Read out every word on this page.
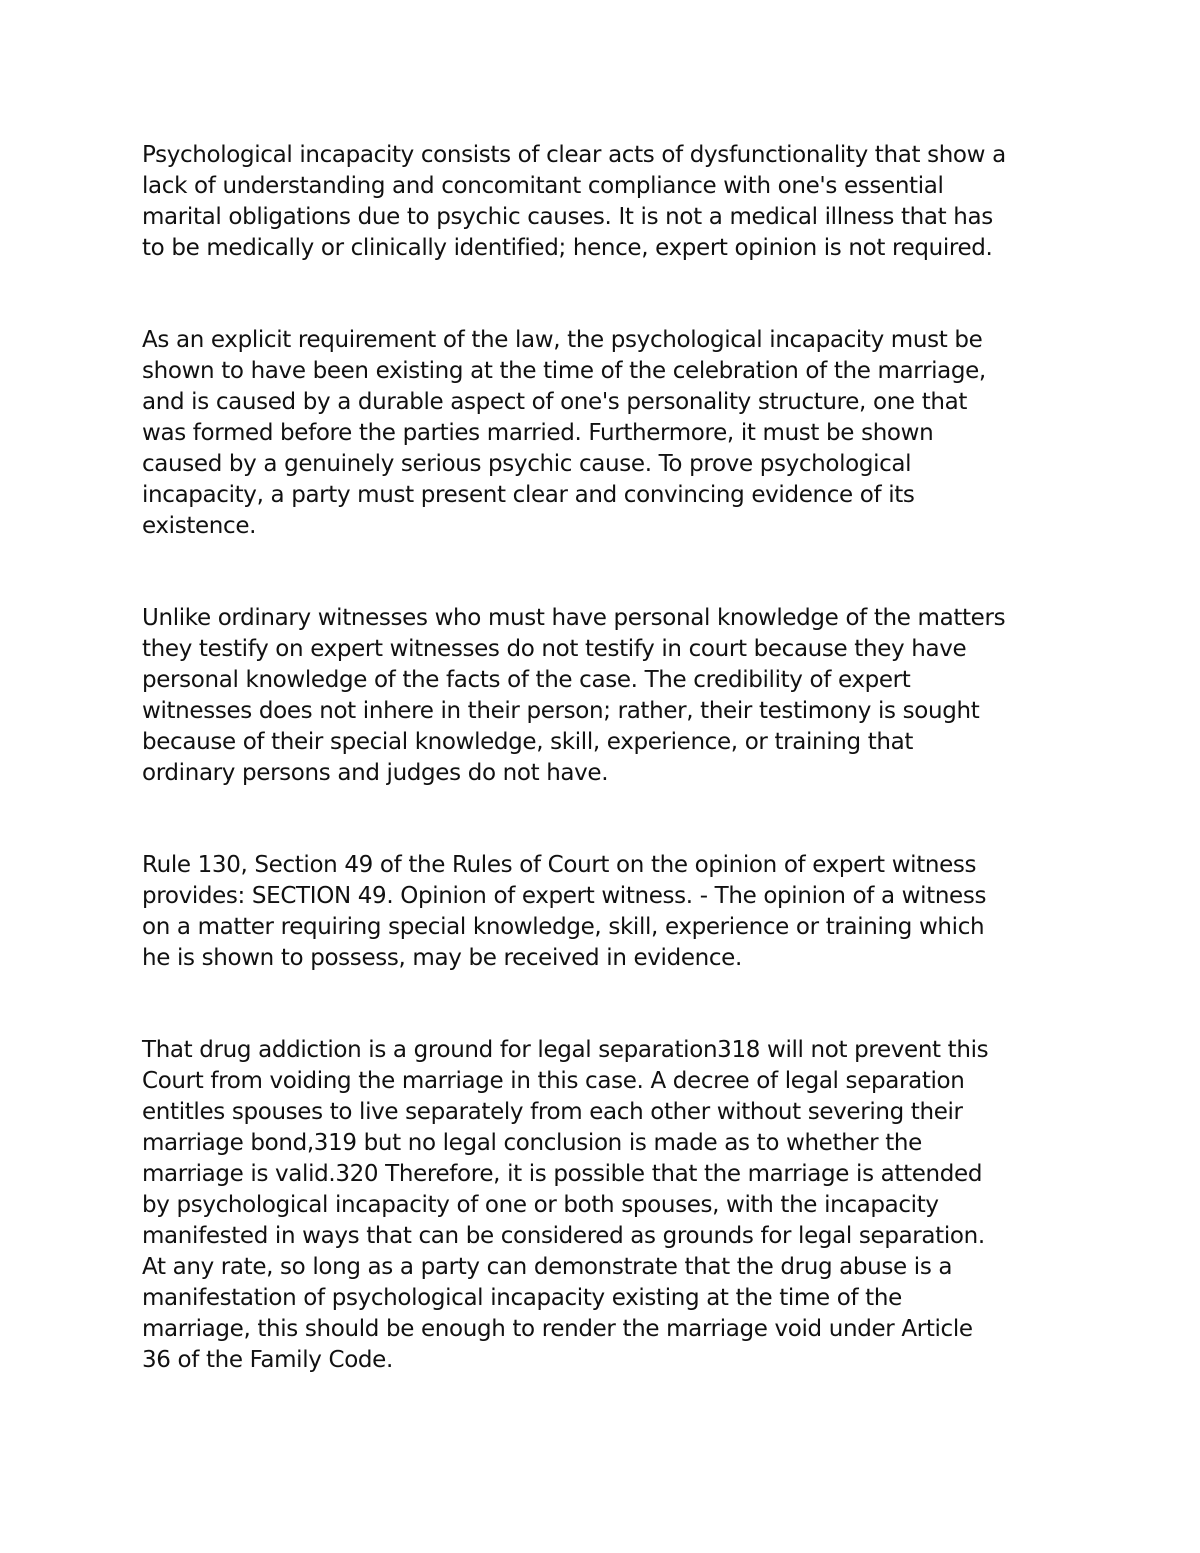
Psychological incapacity consists of clear acts of dysfunctionality that show a
lack of understanding and concomitant compliance with one's essential
marital obligations due to psychic causes. It is not a medical illness that has
to be medically or clinically identified; hence, expert opinion is not required.

As an explicit requirement of the law, the psychological incapacity must be
shown to have been existing at the time of the celebration of the marriage,
and is caused by a durable aspect of one's personality structure, one that
was formed before the parties married. Furthermore, it must be shown
caused by a genuinely serious psychic cause. To prove psychological
incapacity, a party must present clear and convincing evidence of its
existence.

Unlike ordinary witnesses who must have personal knowledge of the matters
they testify on expert witnesses do not testify in court because they have
personal knowledge of the facts of the case. The credibility of expert
witnesses does not inhere in their person; rather, their testimony is sought
because of their special knowledge, skill, experience, or training that
ordinary persons and judges do not have.

Rule 130, Section 49 of the Rules of Court on the opinion of expert witness
provides: SECTION 49. Opinion of expert witness. - The opinion of a witness
on a matter requiring special knowledge, skill, experience or training which
he is shown to possess, may be received in evidence.

That drug addiction is a ground for legal separation318 will not prevent this
Court from voiding the marriage in this case. A decree of legal separation
entitles spouses to live separately from each other without severing their
marriage bond,319 but no legal conclusion is made as to whether the
marriage is valid.320 Therefore, it is possible that the marriage is attended
by psychological incapacity of one or both spouses, with the incapacity
manifested in ways that can be considered as grounds for legal separation.
At any rate, so long as a party can demonstrate that the drug abuse is a
manifestation of psychological incapacity existing at the time of the
marriage, this should be enough to render the marriage void under Article
36 of the Family Code.
